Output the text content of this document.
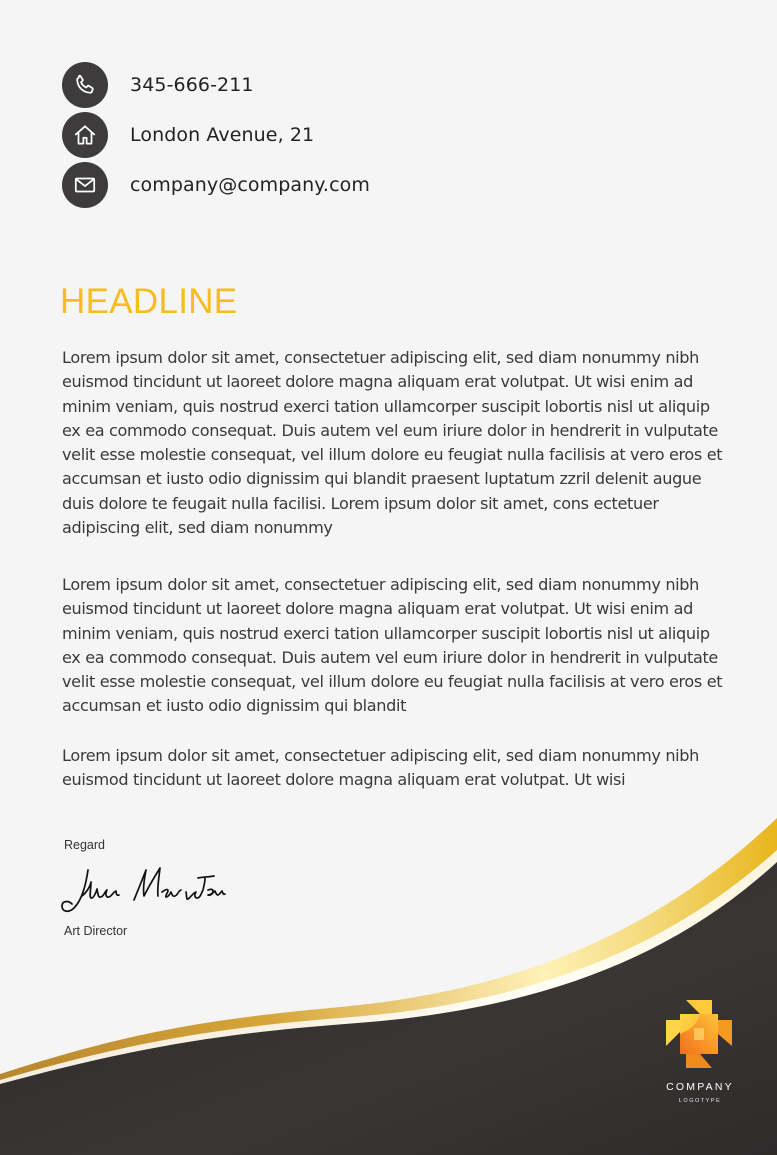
345-666-211
London Avenue, 21
company@company.com
HEADLINE

Lorem ipsum dolor sit amet, consectetuer adipiscing elit, sed diam nonummy nibh euismod tincidunt ut laoreet dolore magna aliquam erat volutpat. Ut wisi enim ad minim veniam, quis nostrud exerci tation ullamcorper suscipit lobortis nisl ut aliquip ex ea commodo consequat. Duis autem vel eum iriure dolor in hendrerit in vulputate velit esse molestie consequat, vel illum dolore eu feugiat nulla facilisis at vero eros et accumsan et iusto odio dignissim qui blandit praesent luptatum zzril delenit augue duis dolore te feugait nulla facilisi. Lorem ipsum dolor sit amet, cons ectetuer adipiscing elit, sed diam nonummy

Lorem ipsum dolor sit amet, consectetuer adipiscing elit, sed diam nonummy nibh euismod tincidunt ut laoreet dolore magna aliquam erat volutpat. Ut wisi enim ad minim veniam, quis nostrud exerci tation ullamcorper suscipit lobortis nisl ut aliquip ex ea commodo consequat. Duis autem vel eum iriure dolor in hendrerit in vulputate velit esse molestie consequat, vel illum dolore eu feugiat nulla facilisis at vero eros et accumsan et iusto odio dignissim qui blandit

Lorem ipsum dolor sit amet, consectetuer adipiscing elit, sed diam nonummy nibh euismod tincidunt ut laoreet dolore magna aliquam erat volutpat. Ut wisi

Regard
Art Director
COMPANY
LOGOTYPE
